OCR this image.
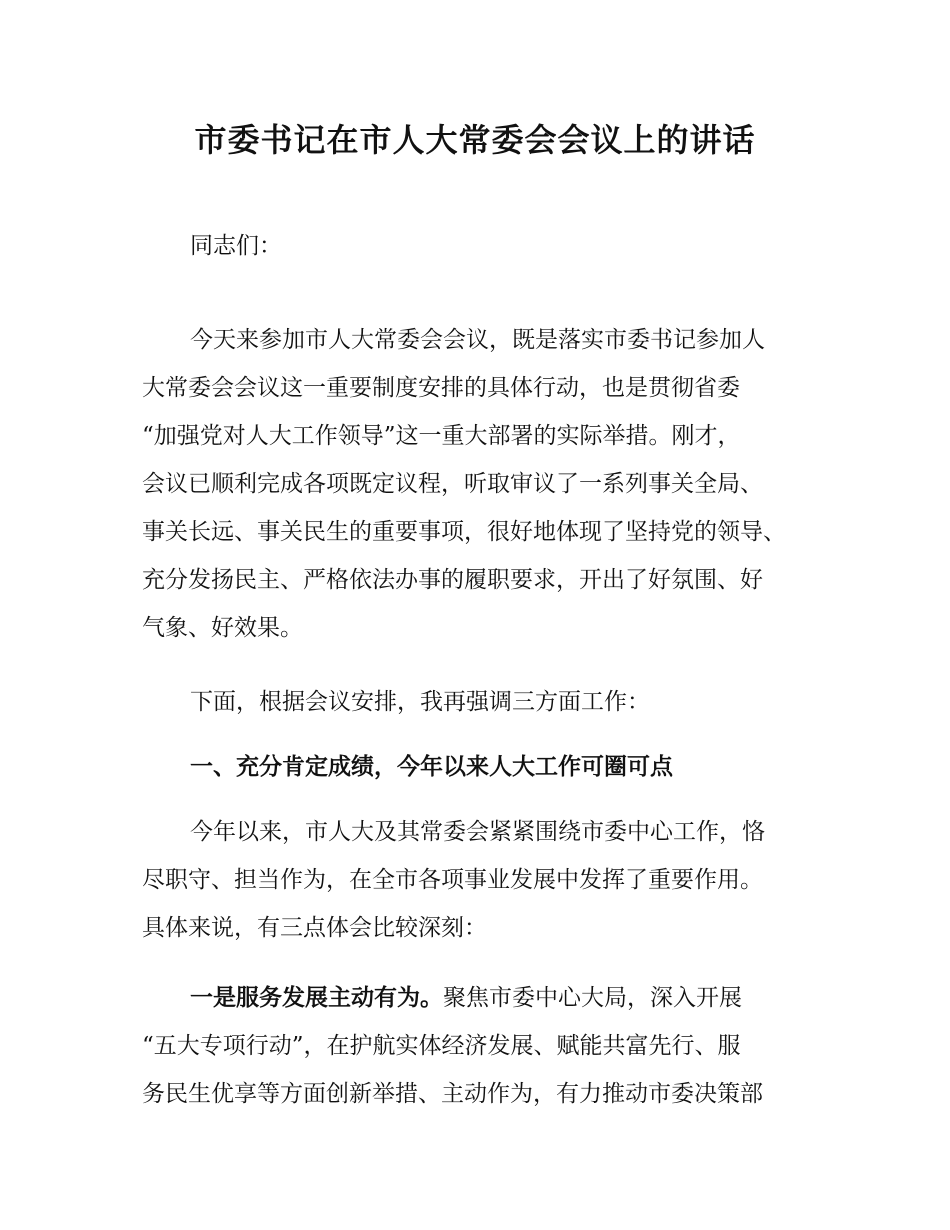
市委书记在市人大常委会会议上的讲话

同志们：

今天来参加市人大常委会会议，既是落实市委书记参加人

大常委会会议这一重要制度安排的具体行动，也是贯彻省委

“加强党对人大工作领导”这一重大部署的实际举措。刚才，

会议已顺利完成各项既定议程，听取审议了一系列事关全局、

事关长远、事关民生的重要事项，很好地体现了坚持党的领导、

充分发扬民主、严格依法办事的履职要求，开出了好氛围、好

气象、好效果。

下面，根据会议安排，我再强调三方面工作：

一、充分肯定成绩，今年以来人大工作可圈可点

今年以来，市人大及其常委会紧紧围绕市委中心工作，恪

尽职守、担当作为，在全市各项事业发展中发挥了重要作用。

具体来说，有三点体会比较深刻：

一是服务发展主动有为。聚焦市委中心大局，深入开展

“五大专项行动”，在护航实体经济发展、赋能共富先行、服

务民生优享等方面创新举措、主动作为，有力推动市委决策部
